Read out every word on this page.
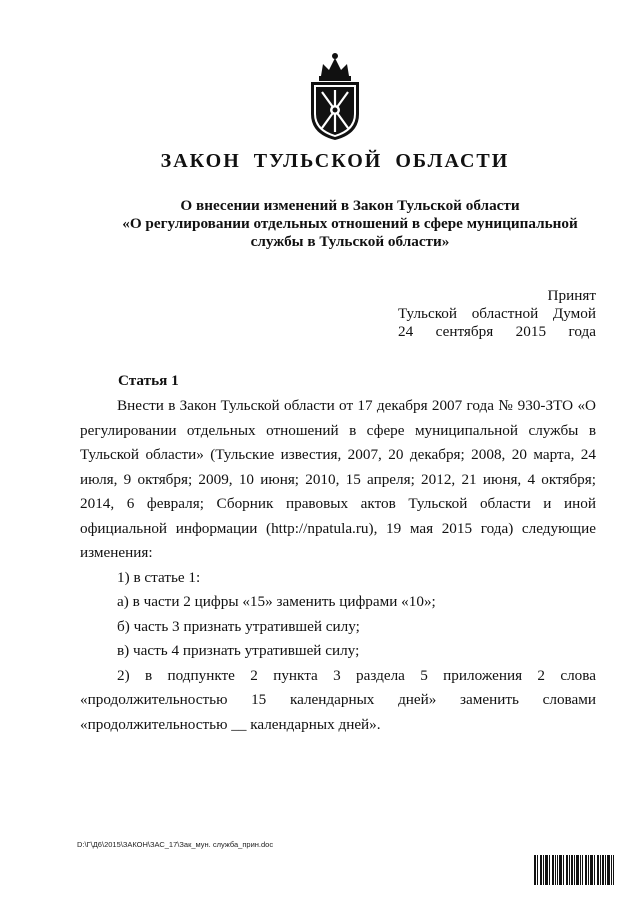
ЗАКОН ТУЛЬСКОЙ ОБЛАСТИ
О внесении изменений в Закон Тульской области
«О регулировании отдельных отношений в сфере муниципальной
службы в Тульской области»
Принят
Тульской областной Думой
24 сентября 2015 года
Статья 1

Внести в Закон Тульской области от 17 декабря 2007 года № 930-ЗТО «О регулировании отдельных отношений в сфере муниципальной службы в Тульской области» (Тульские известия, 2007, 20 декабря; 2008, 20 марта, 24 июля, 9 октября; 2009, 10 июня; 2010, 15 апреля; 2012, 21 июня, 4 октября; 2014, 6 февраля; Сборник правовых актов Тульской области и иной официальной информации (http://npatula.ru), 19 мая 2015 года) следующие изменения:

1) в статье 1:

а) в части 2 цифры «15» заменить цифрами «10»;

б) часть 3 признать утратившей силу;

в) часть 4 признать утратившей силу;

2) в подпункте 2 пункта 3 раздела 5 приложения 2 слова

«продолжительностью 15 календарных дней» заменить словами

«продолжительностью __ календарных дней».

D:\Г\Д6\2015\ЗАКОН\ЗАС_17\Зак_мун. служба_прин.doc
